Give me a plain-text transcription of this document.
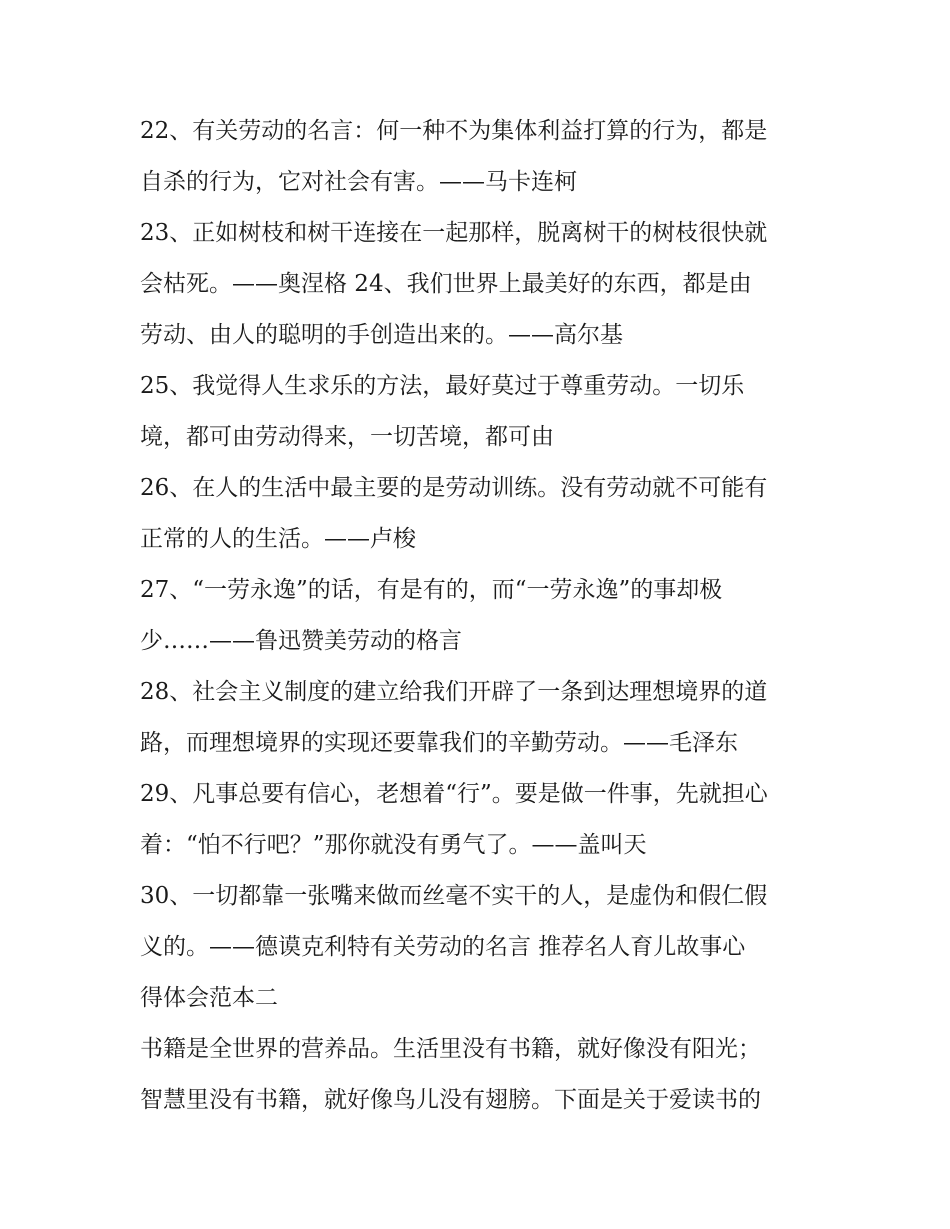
22、有关劳动的名言：何一种不为集体利益打算的行为，都是
自杀的行为，它对社会有害。——马卡连柯
23、正如树枝和树干连接在一起那样，脱离树干的树枝很快就
会枯死。——奥涅格 24、我们世界上最美好的东西，都是由
劳动、由人的聪明的手创造出来的。——高尔基
25、我觉得人生求乐的方法，最好莫过于尊重劳动。一切乐
境，都可由劳动得来，一切苦境，都可由
26、在人的生活中最主要的是劳动训练。没有劳动就不可能有
正常的人的生活。——卢梭
27、“一劳永逸”的话，有是有的，而“一劳永逸”的事却极
少……——鲁迅赞美劳动的格言
28、社会主义制度的建立给我们开辟了一条到达理想境界的道
路，而理想境界的实现还要靠我们的辛勤劳动。——毛泽东
29、凡事总要有信心，老想着“行”。要是做一件事，先就担心
着：“怕不行吧？”那你就没有勇气了。——盖叫天
30、一切都靠一张嘴来做而丝毫不实干的人，是虚伪和假仁假
义的。——德谟克利特有关劳动的名言 推荐名人育儿故事心
得体会范本二
书籍是全世界的营养品。生活里没有书籍，就好像没有阳光；
智慧里没有书籍，就好像鸟儿没有翅膀。下面是关于爱读书的
